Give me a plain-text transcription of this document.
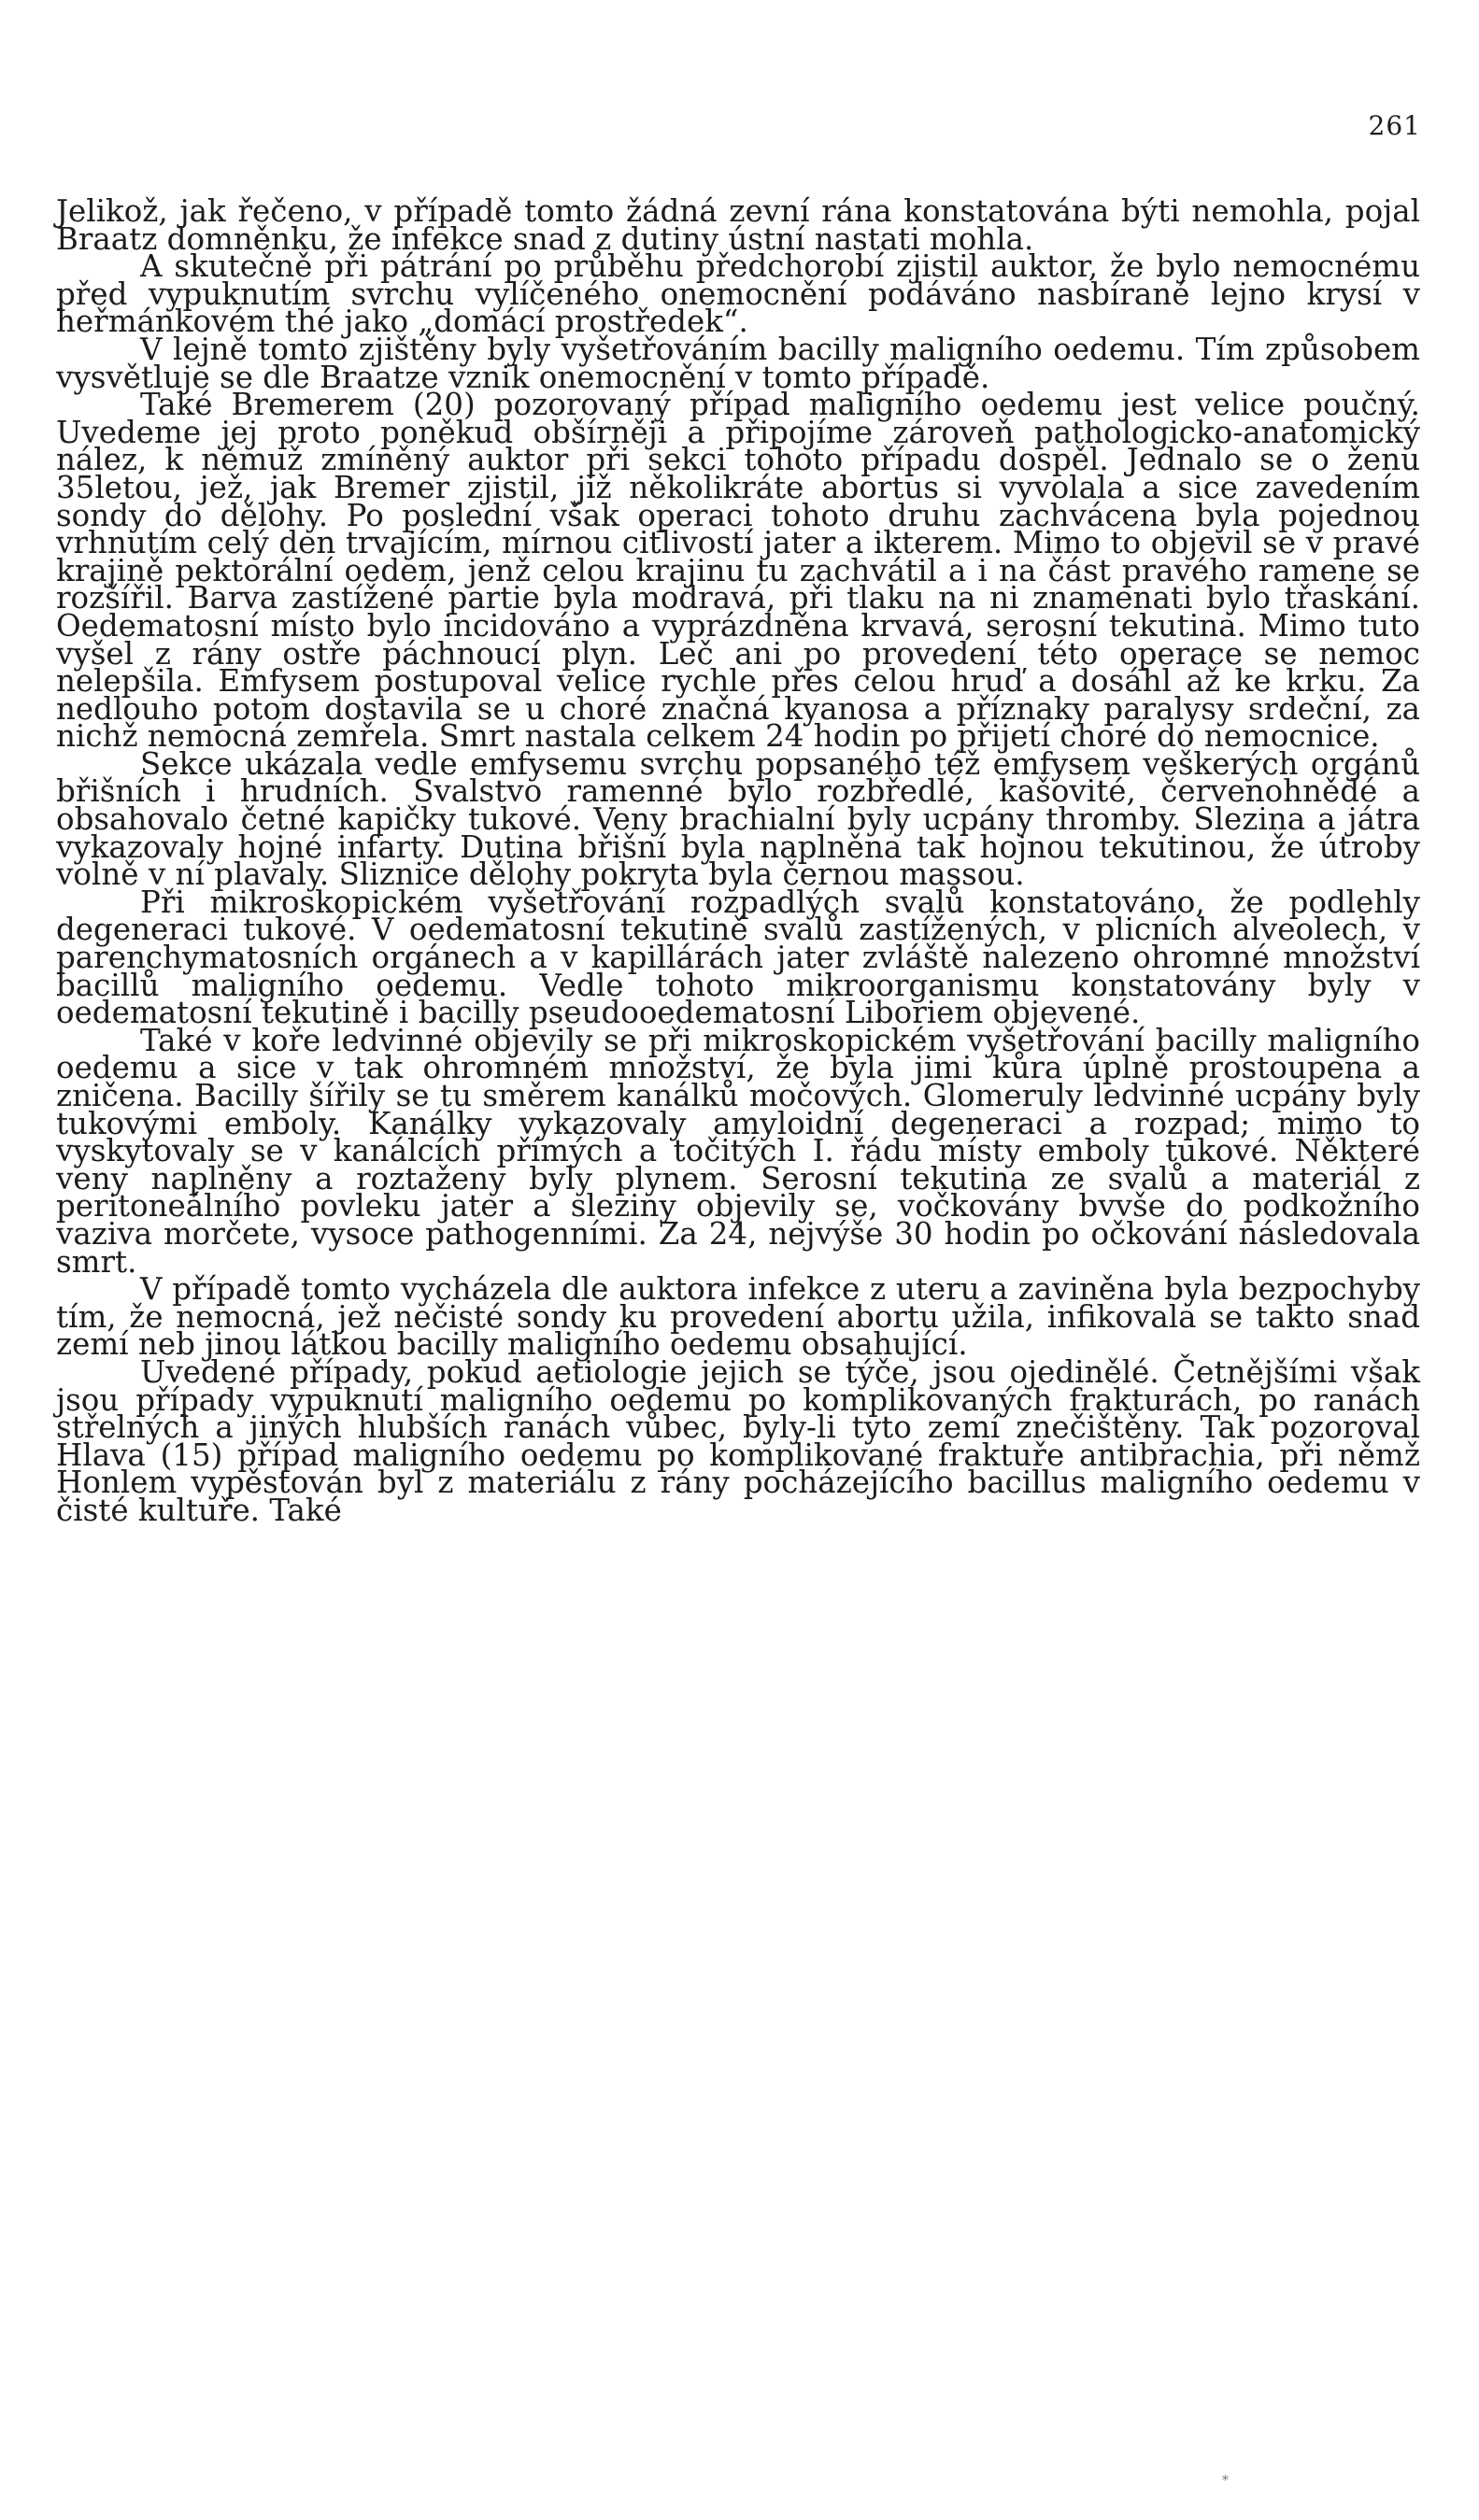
261

Jelikož, jak řečeno, v případě tomto žádná zevní rána konstatována býti nemohla, pojal Braatz domněnku, že infekce snad z dutiny ústní nastati mohla.

A skutečně při pátrání po průběhu předchorobí zjistil auktor, že bylo nemocnému před vypuknutím svrchu vylíčeného onemocnění podáváno nasbírané lejno krysí v heřmánkovém thé jako „domácí prostředek“.

V lejně tomto zjištěny byly vyšetřováním bacilly maligního oedemu. Tím způsobem vysvětluje se dle Braatze vznik onemocnění v tomto případě.

Také Bremerem (20) pozorovaný případ maligního oedemu jest velice poučný. Uvedeme jej proto poněkud obšírněji a připojíme zároveň pathologicko-anatomický nález, k němuž zmíněný auktor při sekci tohoto případu dospěl. Jednalo se o ženu 35letou, jež, jak Bremer zjistil, již několikráte abortus si vyvolala a sice zavedením sondy do dělohy. Po poslední však operaci tohoto druhu zachvácena byla pojednou vrhnutím celý den trvajícím, mírnou citlivostí jater a ikterem. Mimo to objevil se v pravé krajině pektorální oedem, jenž celou krajinu tu zachvátil a i na část pravého ramene se rozšířil. Barva zastížené partie byla modravá, při tlaku na ni znamenati bylo třaskání. Oedematosní místo bylo incidováno a vyprázdněna krvavá, serosní tekutina. Mimo tuto vyšel z rány ostře páchnoucí plyn. Leč ani po provedení této operace se nemoc nelepšila. Emfysem postupoval velice rychle přes celou hruď a dosáhl až ke krku. Za nedlouho potom dostavila se u choré značná kyanosa a příznaky paralysy srdeční, za nichž nemocná zemřela. Smrt nastala celkem 24 hodin po přijetí choré do nemocnice.

Sekce ukázala vedle emfysemu svrchu popsaného též emfysem veškerých orgánů břišních i hrudních. Svalstvo ramenné bylo rozbředlé, kašovité, červenohnědé a obsahovalo četné kapičky tukové. Veny brachialní byly ucpány thromby. Slezina a játra vykazovaly hojné infarty. Dutina břišní byla naplněna tak hojnou tekutinou, že útroby volně v ní plavaly. Sliznice dělohy pokryta byla černou massou.

Při mikroskopickém vyšetřování rozpadlých svalů konstatováno, že podlehly degeneraci tukové. V oedematosní tekutině svalů zastížených, v plicních alveolech, v parenchymatosních orgánech a v kapillárách jater zvláště nalezeno ohromné množství bacillů maligního oedemu. Vedle tohoto mikroorganismu konstatovány byly v oedematosní tekutině i bacilly pseudooedematosní Liboriem objevené.

Také v koře ledvinné objevily se při mikroskopickém vyšetřování bacilly maligního oedemu a sice v tak ohromném množství, že byla jimi kůra úplně prostoupena a zničena. Bacilly šířily se tu směrem kanálků močových. Glomeruly ledvinné ucpány byly tukovými emboly. Kanálky vykazovaly amyloidní degeneraci a rozpad; mimo to vyskytovaly se v kanálcích přímých a točitých I. řádu místy emboly tukové. Některé veny naplněny a roztaženy byly plynem. Serosní tekutina ze svalů a materiál z peritoneálního povleku jater a sleziny objevily se, vočkovány bvvše do podkožního vaziva morčete, vysoce pathogenními. Za 24, nejvýše 30 hodin po očkování následovala smrt.

V případě tomto vycházela dle auktora infekce z uteru a zaviněna byla bezpochyby tím, že nemocná, jež nečisté sondy ku provedení abortu užila, infikovala se takto snad zemí neb jinou látkou bacilly maligního oedemu obsahující.

Uvedené případy, pokud aetiologie jejich se týče, jsou ojedinělé. Četnějšími však jsou případy vypuknutí maligního oedemu po komplikovaných frakturách, po ranách střelných a jiných hlubších ranách vůbec, byly-li tyto zemí znečištěny. Tak pozoroval Hlava (15) případ maligního oedemu po komplikované fraktuře antibrachia, při němž Honlem vypěstován byl z materiálu z rány pocházejícího bacillus maligního oedemu v čisté kultuře. Také

*
